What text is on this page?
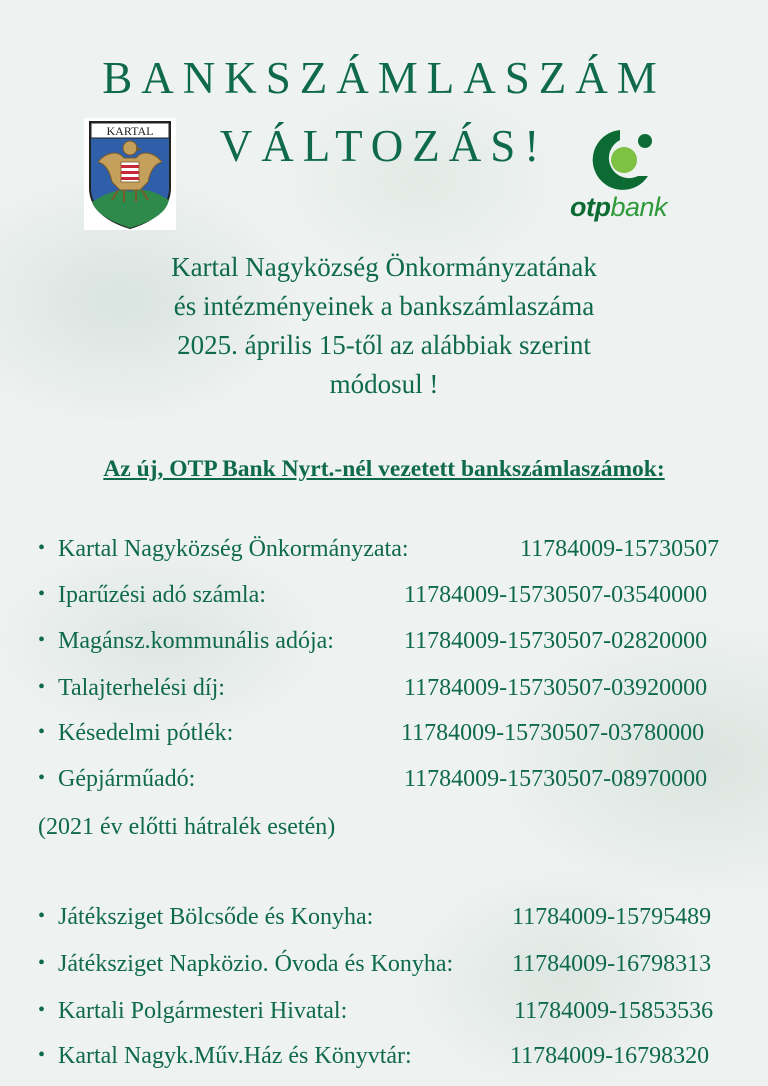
BANKSZÁMLASZÁM
VÁLTOZÁS!
KARTAL
otpbank
Kartal Nagyközség Önkormányzatának
és intézményeinek a bankszámlaszáma
2025. április 15-től az alábbiak szerint
módosul !
Az új, OTP Bank Nyrt.-nél vezetett bankszámlaszámok:
• Kartal Nagyközség Önkormányzata:	11784009-15730507
• Iparűzési adó számla:	11784009-15730507-03540000
• Magánsz.kommunális adója:	11784009-15730507-02820000
• Talajterhelési díj:	11784009-15730507-03920000
• Késedelmi pótlék:	11784009-15730507-03780000
• Gépjárműadó:	11784009-15730507-08970000
(2021 év előtti hátralék esetén)
• Játéksziget Bölcsőde és Konyha:	11784009-15795489
• Játéksziget Napközio. Óvoda és Konyha: 11784009-16798313
• Kartali Polgármesteri Hivatal:	11784009-15853536
• Kartal Nagyk.Műv.Ház és Könyvtár:	11784009-16798320
